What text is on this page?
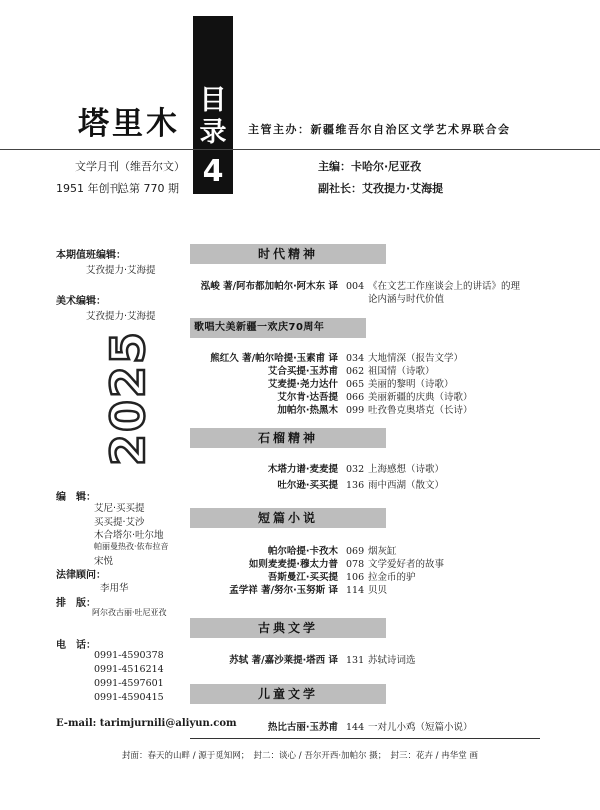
塔里木
目
录
4
主管主办：新疆维吾尔自治区文学艺术界联合会
文学月刊（维吾尔文）
1951 年创刊
总第 770 期
主编：卡哈尔·尼亚孜
副社长：艾孜提力·艾海提
本期值班编辑：
艾孜提力·艾海提
美术编辑：
艾孜提力·艾海提
2025
编　辑：
艾尼·买买提
买买提·艾沙
木合塔尔·吐尔地
帕丽曼热孜·依布拉音
宋悦
法律顾问：
李用华
排　版：
阿尔孜古丽·吐尼亚孜
电　话：
0991-4590378
0991-4516214
0991-4597601
0991-4590415
E-mail: tarimjurnili@aliyun.com
时代精神
泓峻 著/阿布都加帕尔·阿木东 译 004 《在文艺工作座谈会上的讲话》的理
论内涵与时代价值
歌唱大美新疆一欢庆70周年
熊红久 著/帕尔哈提·玉素甫 译 034 大地情深（报告文学）
艾合买提·玉苏甫 062 祖国情（诗歌）
艾麦提·尧力达什 065 美丽的黎明（诗歌）
艾尔肯·达吾提 066 美丽新疆的庆典（诗歌）
加帕尔·热黑木 099 吐孜鲁克奥塔克（长诗）
石榴精神
木塔力谱·麦麦提 032 上海感想（诗歌）
吐尔逊·买买提 136 雨中西湖（散文）
短篇小说
帕尔哈提·卡孜木 069 烟灰缸
如则麦麦提·穆太力普 078 文学爱好者的故事
吾斯曼江·买买提 106 拉金币的驴
孟学祥 著/努尔·玉努斯 译 114 贝贝
古典文学
苏轼 著/嘉沙莱提·塔西 译 131 苏轼诗词选
儿童文学
热比古丽·玉苏甫 144 一对儿小鸡（短篇小说）
封面：春天的山畔 / 源于觅知网；　封二：谈心 / 吾尔开西·加帕尔 摄；　封三：花卉 / 冉华堂 画
